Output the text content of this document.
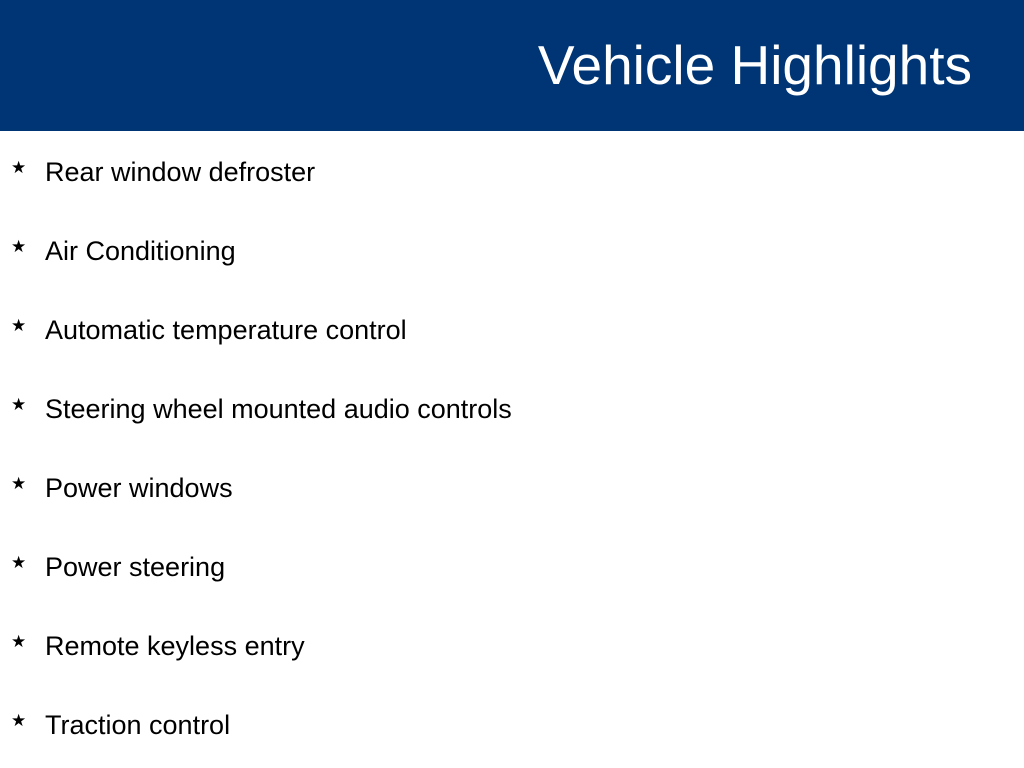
Vehicle Highlights
★ Rear window defroster
★ Air Conditioning
★ Automatic temperature control
★ Steering wheel mounted audio controls
★ Power windows
★ Power steering
★ Remote keyless entry
★ Traction control
